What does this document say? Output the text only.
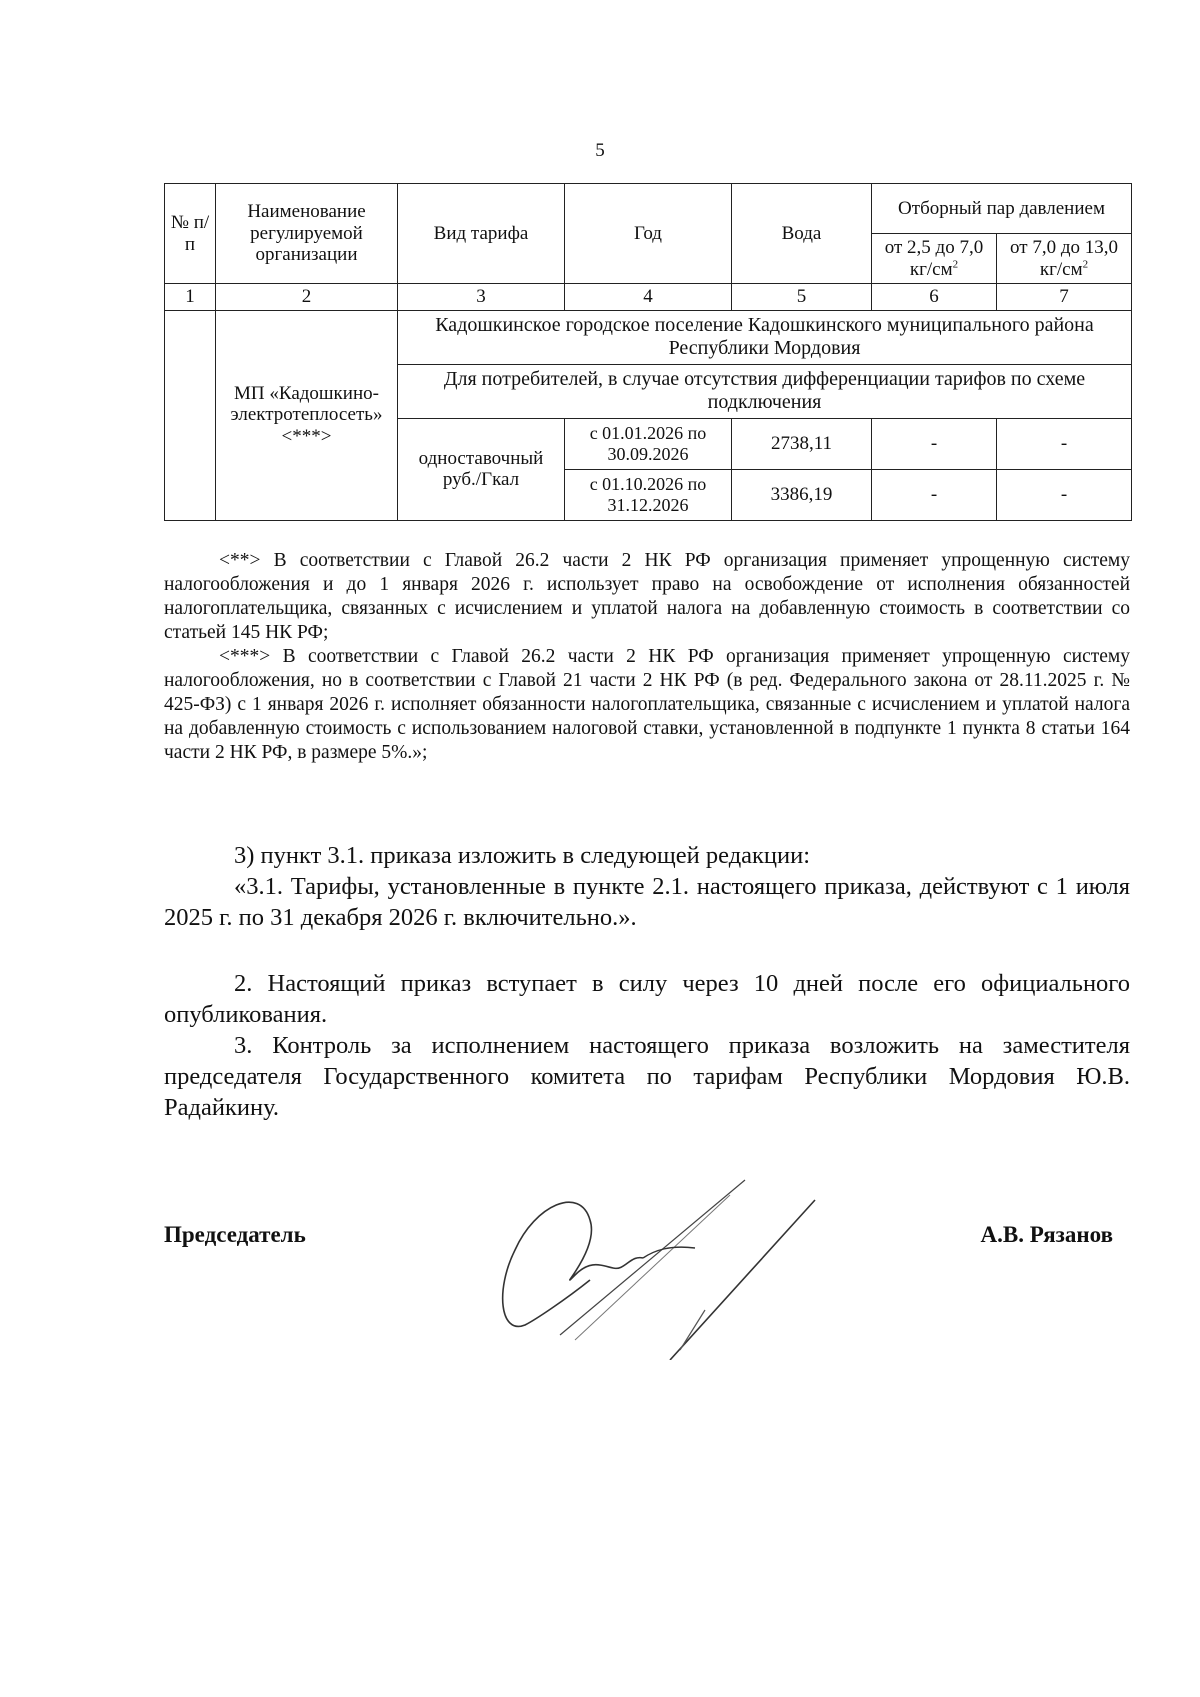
5
№ п/п	Наименование регулируемой организации	Вид тарифа	Год	Вода	Отборный пар давлением	
					от 2,5 до 7,0 $кг/см^2$	от 7,0 до 13,0 $кг/см^2$
1	2	3	4	5	6	7
	МП «Кадошкино-электротеплосеть» <***>	Кадошкинское городское поселение Кадошкинского муниципального района Республики Мордовия				
		Для потребителей, в случае отсутствия дифференциации тарифов по схеме подключения				
		одноставочный руб./Гкал	с 01.01.2026 по 30.09.2026	2738,11	-	-
			с 01.10.2026 по 31.12.2026	3386,19	-	-

<**> В соответствии с Главой 26.2 части 2 НК РФ организация применяет упрощенную систему налогообложения и до 1 января 2026 г. использует право на освобождение от исполнения обязанностей налогоплательщика, связанных с исчислением и уплатой налога на добавленную стоимость в соответствии со статьей 145 НК РФ;

<***> В соответствии с Главой 26.2 части 2 НК РФ организация применяет упрощенную систему налогообложения, но в соответствии с Главой 21 части 2 НК РФ (в ред. Федерального закона от 28.11.2025 г. № 425-ФЗ) с 1 января 2026 г. исполняет обязанности налогоплательщика, связанные с исчислением и уплатой налога на добавленную стоимость с использованием налоговой ставки, установленной в подпункте 1 пункта 8 статьи 164 части 2 НК РФ, в размере 5%.»;

3) пункт 3.1. приказа изложить в следующей редакции:

«3.1. Тарифы, установленные в пункте 2.1. настоящего приказа, действуют с 1 июля 2025 г. по 31 декабря 2026 г. включительно.».

2. Настоящий приказ вступает в силу через 10 дней после его официального опубликования.

3. Контроль за исполнением настоящего приказа возложить на заместителя председателя Государственного комитета по тарифам Республики Мордовия Ю.В. Радайкину.

Председатель	А.В. Рязанов
